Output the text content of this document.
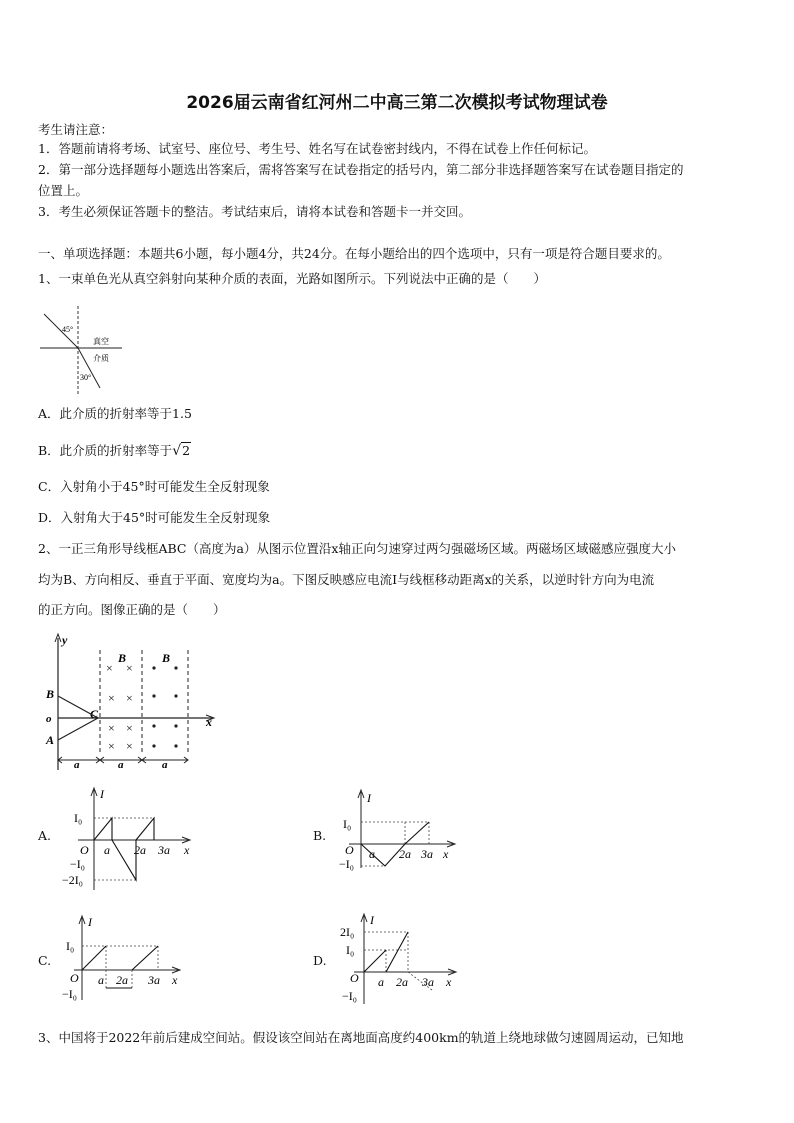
2026届云南省红河州二中高三第二次模拟考试物理试卷
考生请注意：
1．答题前请将考场、试室号、座位号、考生号、姓名写在试卷密封线内，不得在试卷上作任何标记。
2．第一部分选择题每小题选出答案后，需将答案写在试卷指定的括号内，第二部分非选择题答案写在试卷题目指定的
位置上。
3．考生必须保证答题卡的整洁。考试结束后，请将本试卷和答题卡一并交回。
一、单项选择题：本题共6小题，每小题4分，共24分。在每小题给出的四个选项中，只有一项是符合题目要求的。
1、一束单色光从真空斜射向某种介质的表面，光路如图所示。下列说法中正确的是（　　）
45°
30°
真空
介质
A．此介质的折射率等于1.5
B．此介质的折射率等于√2
C．入射角小于45°时可能发生全反射现象
D．入射角大于45°时可能发生全反射现象
2、一正三角形导线框ABC（高度为a）从图示位置沿x轴正向匀速穿过两匀强磁场区域。两磁场区域磁感应强度大小
均为B、方向相反、垂直于平面、宽度均为a。下图反映感应电流I与线框移动距离x的关系，以逆时针方向为电流
的正方向。图像正确的是（　　）
y
x
o
B
A
C
B	B
× ×
× ×
× ×
× ×
a	a	a
A.	B.
C.	D.
I
x
O
I₀
−I₀
−2I₀
a 2a 3a
I
x
O
I₀
−I₀
a 2a 3a
I
x
O
I₀
−I₀
a 2a 3a
I
x
O
2I₀
I₀
−I₀
a 2a 3a
3、中国将于2022年前后建成空间站。假设该空间站在离地面高度约400km的轨道上绕地球做匀速圆周运动，已知地
